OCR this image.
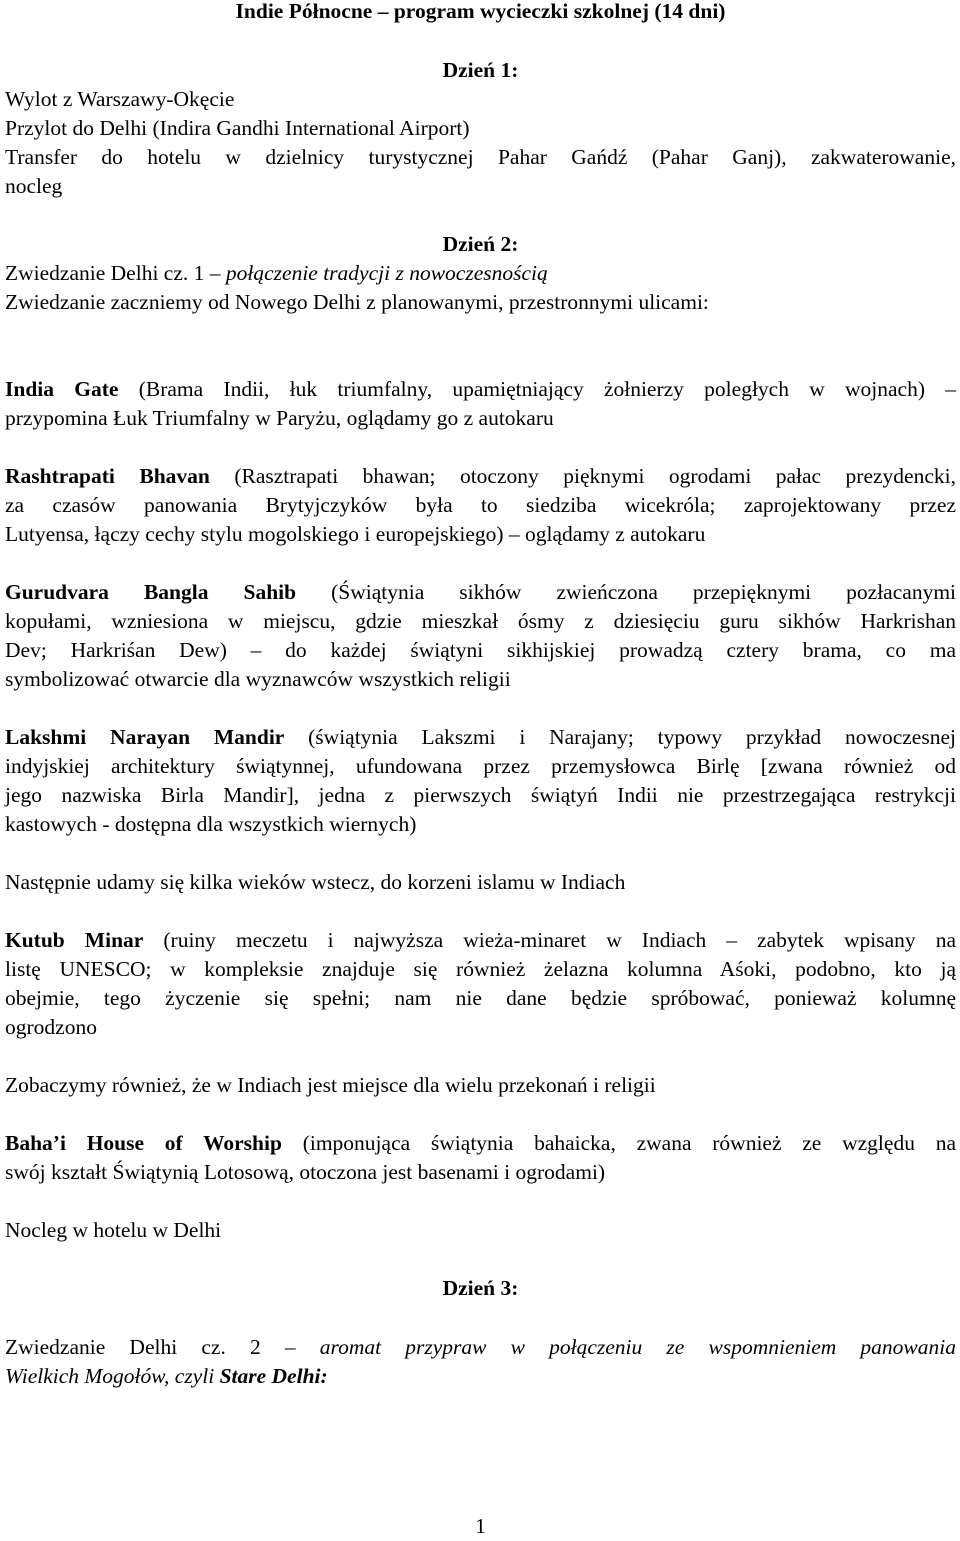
Indie Północne – program wycieczki szkolnej (14 dni)
Dzień 1:
Wylot z Warszawy-Okęcie
Przylot do Delhi (Indira Gandhi International Airport)
Transfer do hotelu w dzielnicy turystycznej Pahar Gańdź (Pahar Ganj), zakwaterowanie,
nocleg
Dzień 2:
Zwiedzanie Delhi cz. 1 – połączenie tradycji z nowoczesnością
Zwiedzanie zaczniemy od Nowego Delhi z planowanymi, przestronnymi ulicami:
India Gate (Brama Indii, łuk triumfalny, upamiętniający żołnierzy poległych w wojnach) –
przypomina Łuk Triumfalny w Paryżu, oglądamy go z autokaru
Rashtrapati Bhavan (Rasztrapati bhawan; otoczony pięknymi ogrodami pałac prezydencki,
za czasów panowania Brytyjczyków była to siedziba wicekróla; zaprojektowany przez
Lutyensa, łączy cechy stylu mogolskiego i europejskiego) – oglądamy z autokaru
Gurudvara Bangla Sahib (Świątynia sikhów zwieńczona przepięknymi pozłacanymi
kopułami, wzniesiona w miejscu, gdzie mieszkał ósmy z dziesięciu guru sikhów Harkrishan
Dev; Harkriśan Dew) – do każdej świątyni sikhijskiej prowadzą cztery brama, co ma
symbolizować otwarcie dla wyznawców wszystkich religii
Lakshmi Narayan Mandir (świątynia Lakszmi i Narajany; typowy przykład nowoczesnej
indyjskiej architektury świątynnej, ufundowana przez przemysłowca Birlę [zwana również od
jego nazwiska Birla Mandir], jedna z pierwszych świątyń Indii nie przestrzegająca restrykcji
kastowych - dostępna dla wszystkich wiernych)
Następnie udamy się kilka wieków wstecz, do korzeni islamu w Indiach
Kutub Minar (ruiny meczetu i najwyższa wieża-minaret w Indiach – zabytek wpisany na
listę UNESCO; w kompleksie znajduje się również żelazna kolumna Aśoki, podobno, kto ją
obejmie, tego życzenie się spełni; nam nie dane będzie spróbować, ponieważ kolumnę
ogrodzono
Zobaczymy również, że w Indiach jest miejsce dla wielu przekonań i religii
Baha’i House of Worship (imponująca świątynia bahaicka, zwana również ze względu na
swój kształt Świątynią Lotosową, otoczona jest basenami i ogrodami)
Nocleg w hotelu w Delhi
Dzień 3:
Zwiedzanie Delhi cz. 2 – aromat przypraw w połączeniu ze wspomnieniem panowania
Wielkich Mogołów, czyli Stare Delhi:
1
